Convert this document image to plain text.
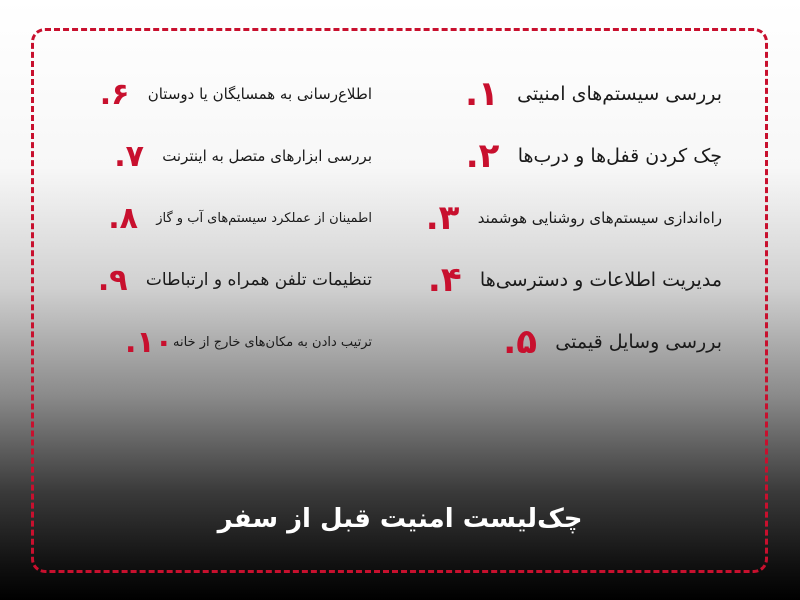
۱. بررسی سیستم‌های امنیتی
۲. چک کردن قفل‌ها و درب‌ها
۳.	راه‌اندازی سیستم‌های روشنایی هوشمند
۴. مدیریت اطلاعات و دسترسی‌ها
۵. بررسی وسایل قیمتی
۶.	اطلاع‌رسانی به همسایگان یا دوستان
۷.	بررسی ابزارهای متصل به اینترنت
۸.	اطمینان از عملکرد سیستم‌های آب و گاز
۹.	تنظیمات تلفن همراه و ارتباطات
۱۰. ترتیب دادن به مکان‌های خارج از خانه
چک‌لیست امنیت قبل از سفر
